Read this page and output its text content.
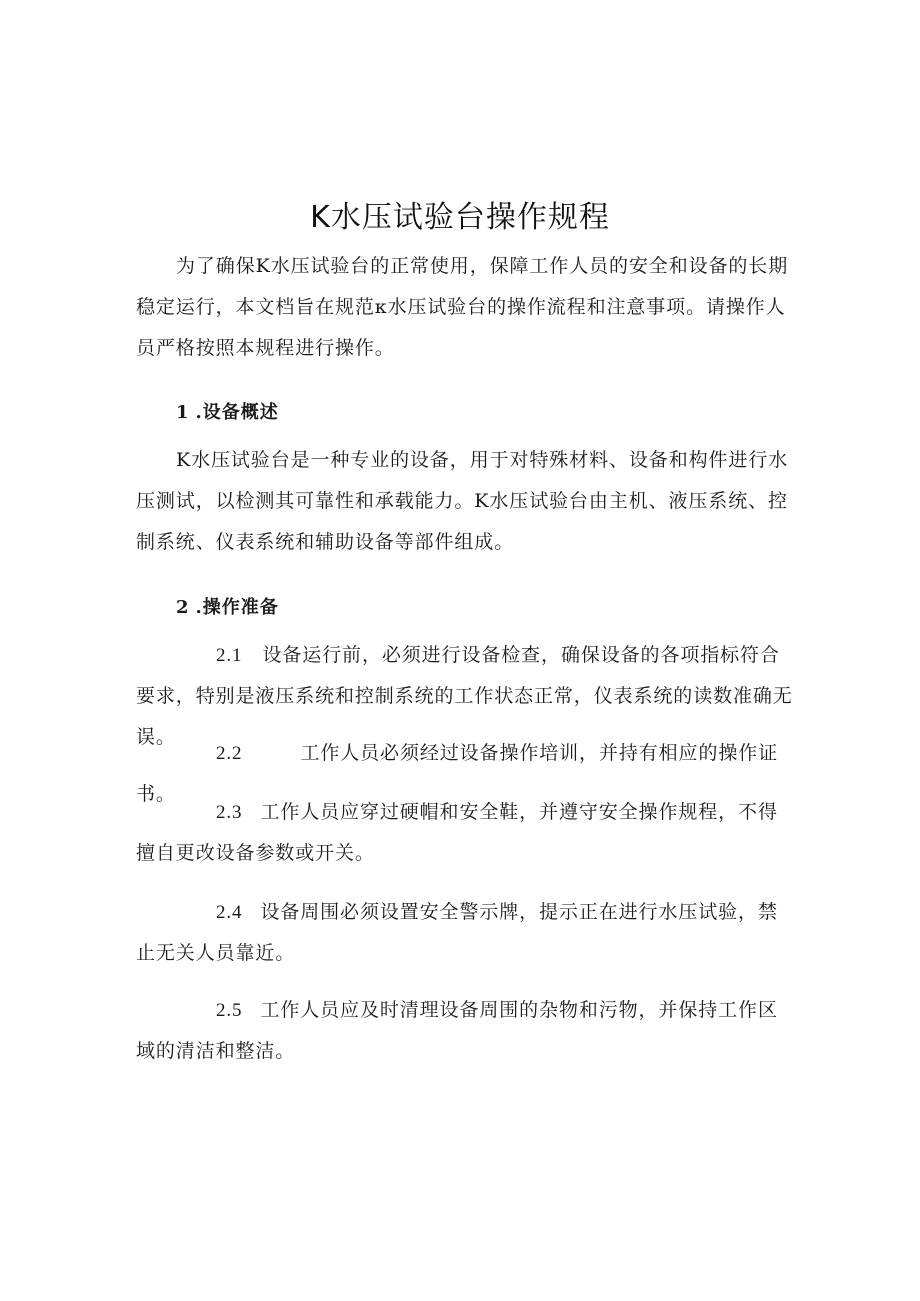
K水压试验台操作规程

为了确保K水压试验台的正常使用，保障工作人员的安全和设备的长期稳定运行，本文档旨在规范κ水压试验台的操作流程和注意事项。请操作人员严格按照本规程进行操作。

1 .设备概述

K水压试验台是一种专业的设备，用于对特殊材料、设备和构件进行水压测试，以检测其可靠性和承载能力。K水压试验台由主机、液压系统、控制系统、仪表系统和辅助设备等部件组成。

2 .操作准备

2.1 设备运行前，必须进行设备检查，确保设备的各项指标符合要求，特别是液压系统和控制系统的工作状态正常，仪表系统的读数准确无误。

2.2	工作人员必须经过设备操作培训，并持有相应的操作证书。

2.3 工作人员应穿过硬帽和安全鞋，并遵守安全操作规程，不得擅自更改设备参数或开关。

2.4 设备周围必须设置安全警示牌，提示正在进行水压试验，禁止无关人员靠近。

2.5 工作人员应及时清理设备周围的杂物和污物，并保持工作区域的清洁和整洁。
